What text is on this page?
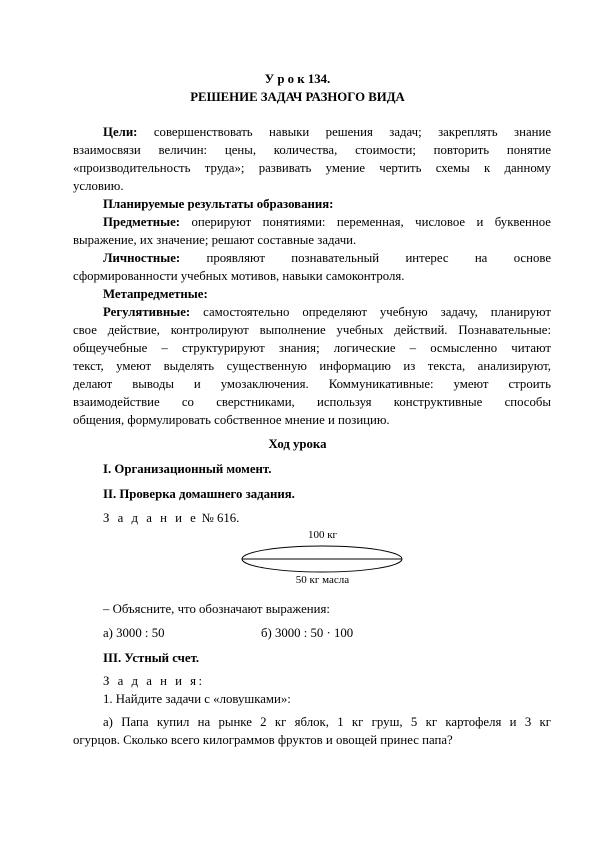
У р о к 134.
РЕШЕНИЕ ЗАДАЧ РАЗНОГО ВИДА
Цели: совершенствовать навыки решения задач; закреплять знание
взаимосвязи величин: цены, количества, стоимости; повторить понятие
«производительность труда»; развивать умение чертить схемы к данному
условию.
Планируемые результаты образования:
Предметные: оперируют понятиями: переменная, числовое и буквенное
выражение, их значение; решают составные задачи.
Личностные: проявляют познавательный интерес на основе
сформированности учебных мотивов, навыки самоконтроля.
Метапредметные:
Регулятивные: самостоятельно определяют учебную задачу, планируют
свое действие, контролируют выполнение учебных действий. Познавательные:
общеучебные – структурируют знания; логические – осмысленно читают
текст, умеют выделять существенную информацию из текста, анализируют,
делают выводы и умозаключения. Коммуникативные: умеют строить
взаимодействие со сверстниками, используя конструктивные способы
общения, формулировать собственное мнение и позицию.
Ход урока
I. Организационный момент.
II. Проверка домашнего задания.
З а д а н и е № 616.
100 кг
50 кг масла
– Объясните, что обозначают выражения:
а) 3000 : 50	б) 3000 : 50 · 100
III. Устный счет.
З а д а н и я:
1. Найдите задачи с «ловушками»:
а) Папа купил на рынке 2 кг яблок, 1 кг груш, 5 кг картофеля и 3 кг
огурцов. Сколько всего килограммов фруктов и овощей принес папа?
